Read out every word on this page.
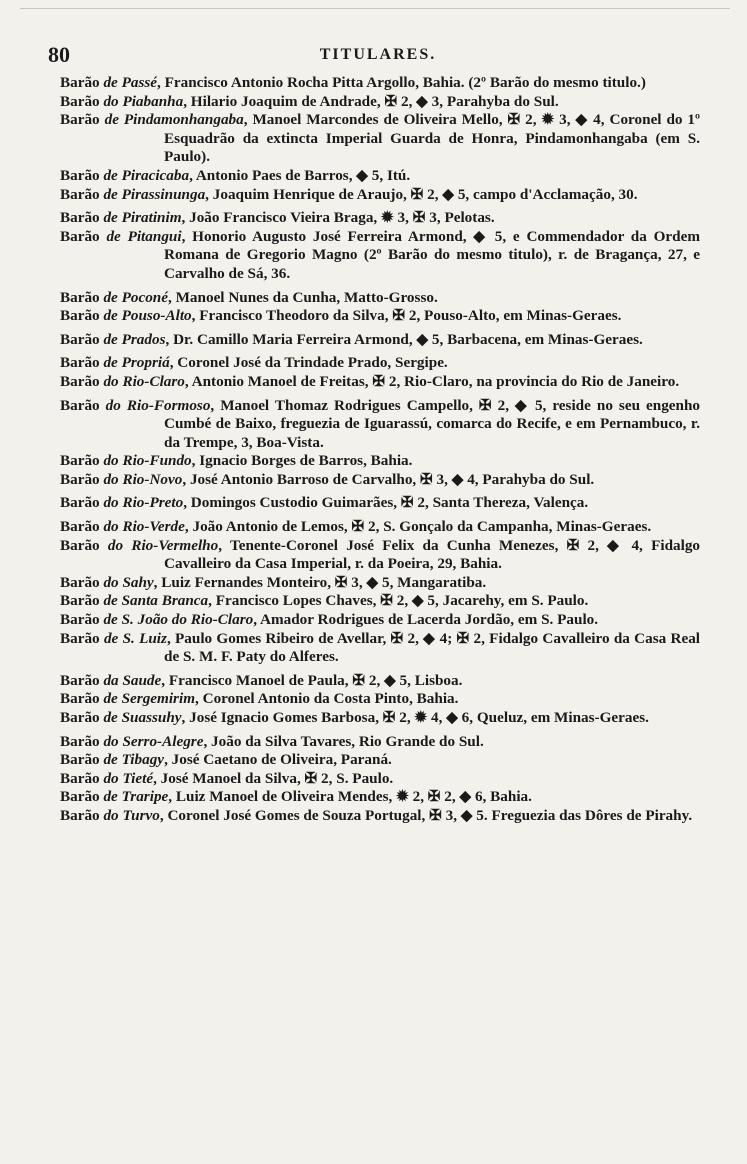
80	TITULARES.
Barão de Passé, Francisco Antonio Rocha Pitta Argollo, Bahia. (2º Barão do mesmo titulo.)
Barão do Piabanha, Hilario Joaquim de Andrade, ✠ 2, ◆ 3, Parahyba do Sul.
Barão de Pindamonhangaba, Manoel Marcondes de Oliveira Mello, ✠ 2, ✹ 3, ◆ 4, Coronel do 1º Esquadrão da extincta Imperial Guarda de Honra, Pindamonhangaba (em S. Paulo).
Barão de Piracicaba, Antonio Paes de Barros, ◆ 5, Itú.
Barão de Pirassinunga, Joaquim Henrique de Araujo, ✠ 2, ◆ 5, campo d'Acclamação, 30.
Barão de Piratinim, João Francisco Vieira Braga, ✹ 3, ✠ 3, Pelotas.
Barão de Pitangui, Honorio Augusto José Ferreira Armond, ◆ 5, e Commendador da Ordem Romana de Gregorio Magno (2º Barão do mesmo titulo), r. de Bragança, 27, e Carvalho de Sá, 36.
Barão de Poconé, Manoel Nunes da Cunha, Matto-Grosso.
Barão de Pouso-Alto, Francisco Theodoro da Silva, ✠ 2, Pouso-Alto, em Minas-Geraes.
Barão de Prados, Dr. Camillo Maria Ferreira Armond, ◆ 5, Barbacena, em Minas-Geraes.
Barão de Propriá, Coronel José da Trindade Prado, Sergipe.
Barão do Rio-Claro, Antonio Manoel de Freitas, ✠ 2, Rio-Claro, na provincia do Rio de Janeiro.
Barão do Rio-Formoso, Manoel Thomaz Rodrigues Campello, ✠ 2, ◆ 5, reside no seu engenho Cumbé de Baixo, freguezia de Iguarassú, comarca do Recife, e em Pernambuco, r. da Trempe, 3, Boa-Vista.
Barão do Rio-Fundo, Ignacio Borges de Barros, Bahia.
Barão do Rio-Novo, José Antonio Barroso de Carvalho, ✠ 3, ◆ 4, Parahyba do Sul.
Barão do Rio-Preto, Domingos Custodio Guimarães, ✠ 2, Santa Thereza, Valença.
Barão do Rio-Verde, João Antonio de Lemos, ✠ 2, S. Gonçalo da Campanha, Minas-Geraes.
Barão do Rio-Vermelho, Tenente-Coronel José Felix da Cunha Menezes, ✠ 2, ◆ 4, Fidalgo Cavalleiro da Casa Imperial, r. da Poeira, 29, Bahia.
Barão do Sahy, Luiz Fernandes Monteiro, ✠ 3, ◆ 5, Mangaratiba.
Barão de Santa Branca, Francisco Lopes Chaves, ✠ 2, ◆ 5, Jacarehy, em S. Paulo.
Barão de S. João do Rio-Claro, Amador Rodrigues de Lacerda Jordão, em S. Paulo.
Barão de S. Luiz, Paulo Gomes Ribeiro de Avellar, ✠ 2, ◆ 4; ✠ 2, Fidalgo Cavalleiro da Casa Real de S. M. F. Paty do Alferes.
Barão da Saude, Francisco Manoel de Paula, ✠ 2, ◆ 5, Lisboa.
Barão de Sergemirim, Coronel Antonio da Costa Pinto, Bahia.
Barão de Suassuhy, José Ignacio Gomes Barbosa, ✠ 2, ✹ 4, ◆ 6, Queluz, em Minas-Geraes.
Barão do Serro-Alegre, João da Silva Tavares, Rio Grande do Sul.
Barão de Tibagy, José Caetano de Oliveira, Paraná.
Barão do Tieté, José Manoel da Silva, ✠ 2, S. Paulo.
Barão de Traripe, Luiz Manoel de Oliveira Mendes, ✹ 2, ✠ 2, ◆ 6, Bahia.
Barão do Turvo, Coronel José Gomes de Souza Portugal, ✠ 3, ◆ 5. Freguezia das Dôres de Pirahy.
